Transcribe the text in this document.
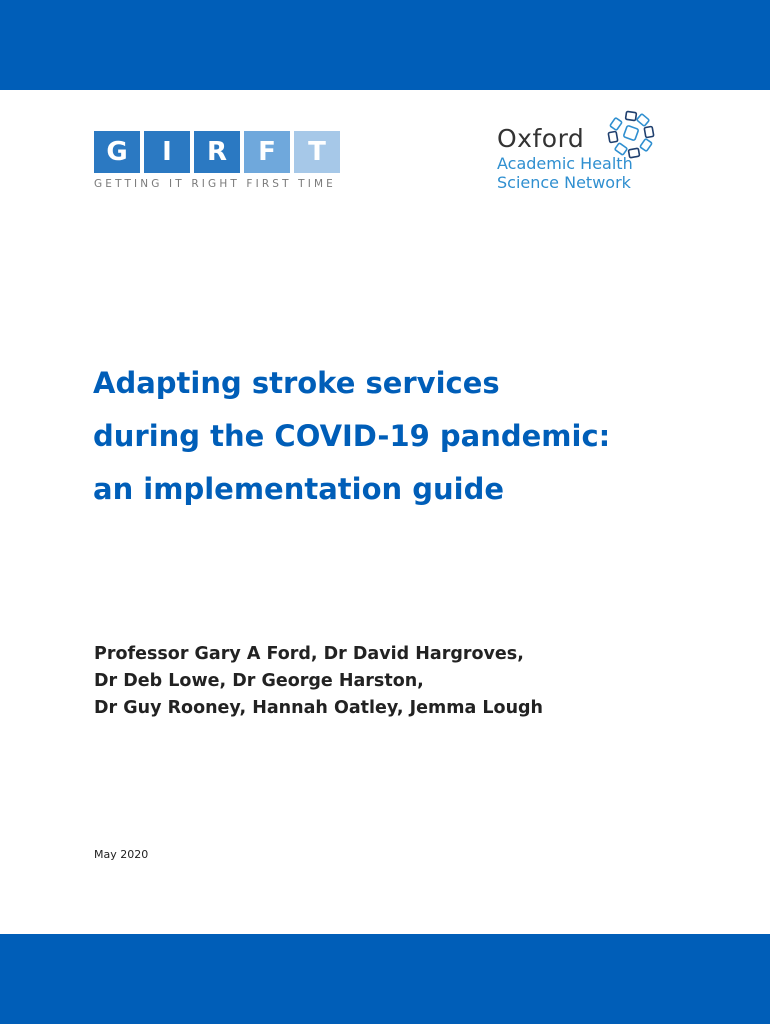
G	I	R	F	T
GETTING IT RIGHT FIRST TIME
Oxford
Academic Health
Science Network
Adapting stroke services
during the COVID-19 pandemic:
an implementation guide
Professor Gary A Ford, Dr David Hargroves,
Dr Deb Lowe, Dr George Harston,
Dr Guy Rooney, Hannah Oatley, Jemma Lough
May 2020
